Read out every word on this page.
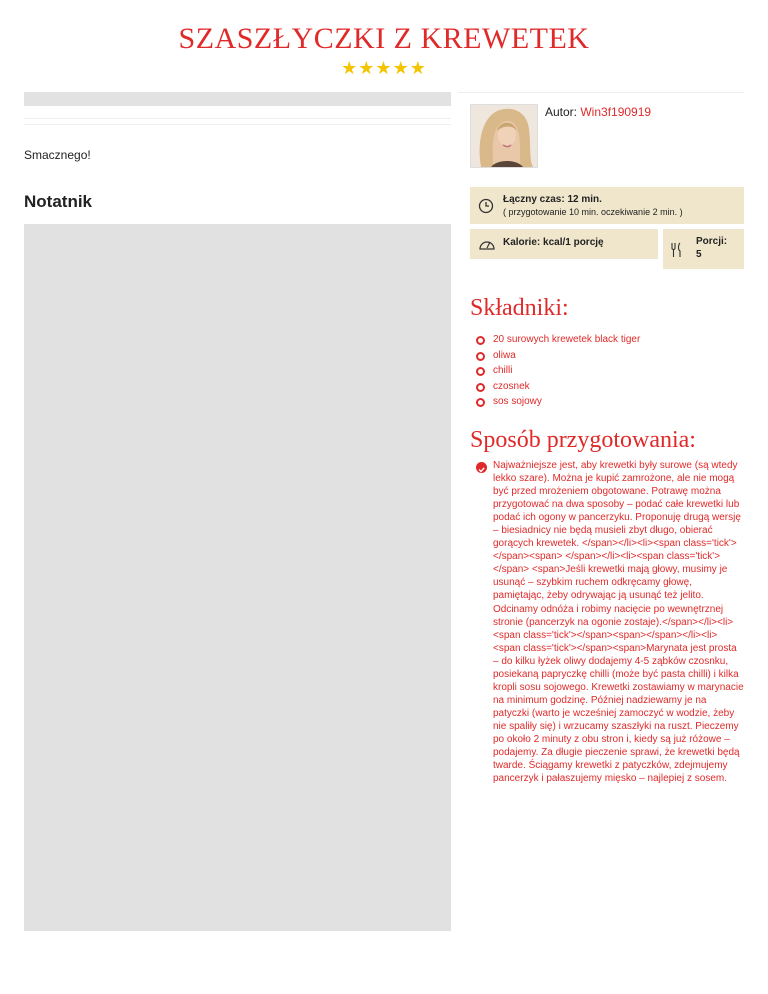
SZASZŁYCZKI Z KREWETEK
★★★★★
Smacznego!
Notatnik
Autor: Win3f190919
Łączny czas: 12 min.
( przygotowanie 10 min. oczekiwanie 2 min. )
Kalorie: kcal/1 porcję	Porcji:
5
Składniki:
20 surowych krewetek black tiger
oliwa
chilli
czosnek
sos sojowy
Sposób przygotowania:
Najważniejsze jest, aby krewetki były surowe (są wtedy lekko szare). Można je kupić zamrożone, ale nie mogą być przed mrożeniem obgotowane. Potrawę można przygotować na dwa sposoby – podać całe krewetki lub podać ich ogony w pancerzyku. Proponuję drugą wersję – biesiadnicy nie będą musieli zbyt długo, obierać gorących krewetek. </span></li><li><span class='tick'></span><span> </span></li><li><span class='tick'></span> <span>Jeśli krewetki mają głowy, musimy je usunąć – szybkim ruchem odkręcamy głowę, pamiętając, żeby odrywając ją usunąć też jelito. Odcinamy odnóża i robimy nacięcie po wewnętrznej stronie (pancerzyk na ogonie zostaje).</span></li><li><span class='tick'></span><span></span></li><li><span class='tick'></span><span>Marynata jest prosta – do kilku łyżek oliwy dodajemy 4-5 ząbków czosnku, posiekaną papryczkę chilli (może być pasta chilli) i kilka kropli sosu sojowego. Krewetki zostawiamy w marynacie na minimum godzinę. Później nadziewamy je na patyczki (warto je wcześniej zamoczyć w wodzie, żeby nie spaliły się) i wrzucamy szaszłyki na ruszt. Pieczemy po około 2 minuty z obu stron i, kiedy są już różowe – podajemy. Za długie pieczenie sprawi, że krewetki będą twarde. Ściągamy krewetki z patyczków, zdejmujemy pancerzyk i pałaszujemy mięsko – najlepiej z sosem.
